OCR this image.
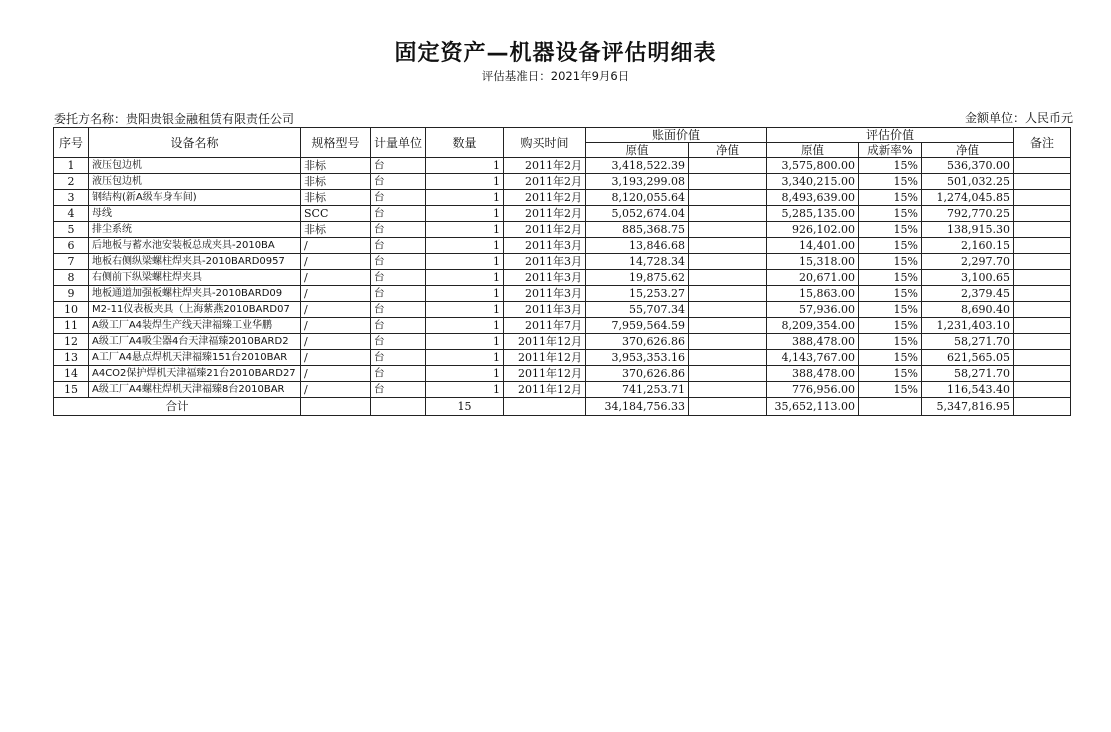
固定资产—机器设备评估明细表
评估基准日：2021年9月6日
委托方名称：贵阳贵银金融租赁有限责任公司	金额单位：人民币元
序号	设备名称	规格型号	计量单位	数量	购买时间	账面价值		评估价值			备注
						原值	净值	原值	成新率%	净值	
1	液压包边机	非标	台	1	2011年2月	3,418,522.39		3,575,800.00	15%	536,370.00	
2	液压包边机	非标	台	1	2011年2月	3,193,299.08		3,340,215.00	15%	501,032.25	
3	钢结构(新A级车身车间)	非标	台	1	2011年2月	8,120,055.64		8,493,639.00	15%	1,274,045.85	
4	母线	SCC	台	1	2011年2月	5,052,674.04		5,285,135.00	15%	792,770.25	
5	排尘系统	非标	台	1	2011年2月	885,368.75		926,102.00	15%	138,915.30	
6	后地板与蓄水池安装板总成夹具-2010BA	/	台	1	2011年3月	13,846.68		14,401.00	15%	2,160.15	
7	地板右侧纵梁螺柱焊夹具-2010BARD0957	/	台	1	2011年3月	14,728.34		15,318.00	15%	2,297.70	
8	右侧前下纵梁螺柱焊夹具	/	台	1	2011年3月	19,875.62		20,671.00	15%	3,100.65	
9	地板通道加强板螺柱焊夹具-2010BARD09	/	台	1	2011年3月	15,253.27		15,863.00	15%	2,379.45	
10	M2-11仪表板夹具（上海紫燕2010BARD07	/	台	1	2011年3月	55,707.34		57,936.00	15%	8,690.40	
11	A级工厂A4装焊生产线天津福臻工业华鹏	/	台	1	2011年7月	7,959,564.59		8,209,354.00	15%	1,231,403.10	
12	A级工厂A4吸尘器4台天津福臻2010BARD2	/	台	1	2011年12月	370,626.86		388,478.00	15%	58,271.70	
13	A工厂A4悬点焊机天津福臻151台2010BAR	/	台	1	2011年12月	3,953,353.16		4,143,767.00	15%	621,565.05	
14	A4CO2保护焊机天津福臻21台2010BARD27	/	台	1	2011年12月	370,626.86		388,478.00	15%	58,271.70	
15	A级工厂A4螺柱焊机天津福臻8台2010BAR	/	台	1	2011年12月	741,253.71		776,956.00	15%	116,543.40	
合计				15		34,184,756.33		35,652,113.00		5,347,816.95	
